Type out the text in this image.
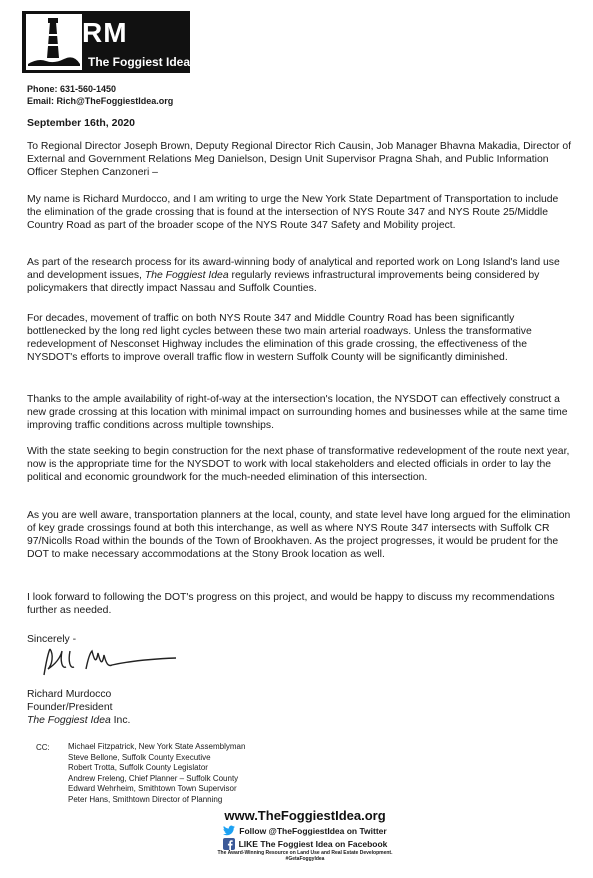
RM
The Foggiest Idea
Phone: 631-560-1450
Email: Rich@TheFoggiestIdea.org
September 16th, 2020

To Regional Director Joseph Brown, Deputy Regional Director Rich Causin, Job Manager Bhavna Makadia, Director of External and Government Relations Meg Danielson, Design Unit Supervisor Pragna Shah, and Public Information Officer Stephen Canzoneri –

My name is Richard Murdocco, and I am writing to urge the New York State Department of Transportation to include the elimination of the grade crossing that is found at the intersection of NYS Route 347 and NYS Route 25/Middle Country Road as part of the broader scope of the NYS Route 347 Safety and Mobility project.

As part of the research process for its award-winning body of analytical and reported work on Long Island's land use and development issues, The Foggiest Idea regularly reviews infrastructural improvements being considered by policymakers that directly impact Nassau and Suffolk Counties.

For decades, movement of traffic on both NYS Route 347 and Middle Country Road has been significantly bottlenecked by the long red light cycles between these two main arterial roadways. Unless the transformative redevelopment of Nesconset Highway includes the elimination of this grade crossing, the effectiveness of the NYSDOT's efforts to improve overall traffic flow in western Suffolk County will be significantly diminished.

Thanks to the ample availability of right-of-way at the intersection's location, the NYSDOT can effectively construct a new grade crossing at this location with minimal impact on surrounding homes and businesses while at the same time improving traffic conditions across multiple townships.

With the state seeking to begin construction for the next phase of transformative redevelopment of the route next year, now is the appropriate time for the NYSDOT to work with local stakeholders and elected officials in order to lay the political and economic groundwork for the much-needed elimination of this intersection.

As you are well aware, transportation planners at the local, county, and state level have long argued for the elimination of key grade crossings found at both this interchange, as well as where NYS Route 347 intersects with Suffolk CR 97/Nicolls Road within the bounds of the Town of Brookhaven. As the project progresses, it would be prudent for the DOT to make necessary accommodations at the Stony Brook location as well.

I look forward to following the DOT's progress on this project, and would be happy to discuss my recommendations further as needed.

Sincerely -
Richard Murdocco
Founder/President
The Foggiest Idea Inc.
CC: Michael Fitzpatrick, New York State Assemblyman
Steve Bellone, Suffolk County Executive
Robert Trotta, Suffolk County Legislator
Andrew Freleng, Chief Planner – Suffolk County
Edward Wehrheim, Smithtown Town Supervisor
Peter Hans, Smithtown Director of Planning
www.TheFoggiestIdea.org
Follow @TheFoggiestIdea on Twitter
LIKE The Foggiest Idea on Facebook
The Award-Winning Resource on Land Use and Real Estate Development.
#GetaFoggyIdea
